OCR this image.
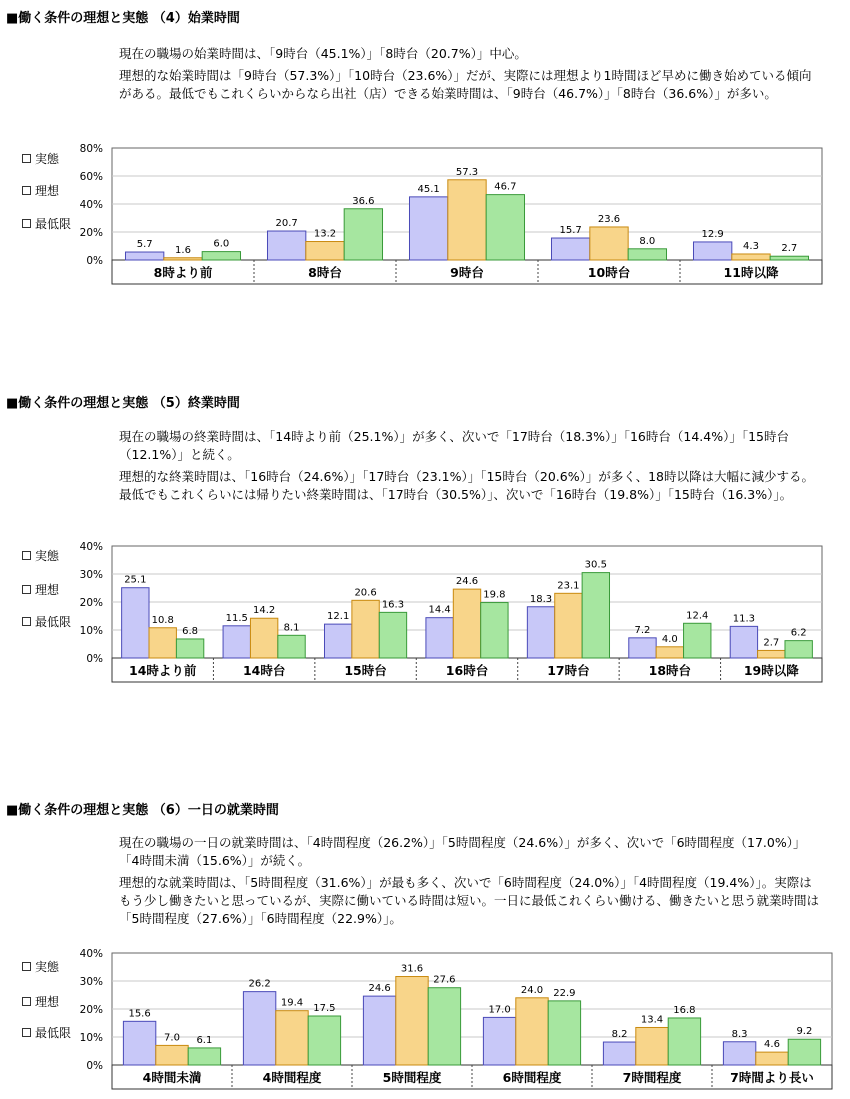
■働く条件の理想と実態 （4）始業時間

現在の職場の始業時間は、「9時台（45.1%）」「8時台（20.7%）」中心。

理想的な始業時間は「9時台（57.3%）」「10時台（23.6%）」だが、実際には理想より1時間ほど早めに働き始めている傾向がある。最低でもこれくらいからなら出社（店）できる始業時間は、「9時台（46.7%）」「8時台（36.6%）」が多い。

実態
理想
最低限
0%
20%
40%
60%
80%
5.7
1.6
6.0
8時より前
20.7
13.2
36.6
8時台
45.1
57.3
46.7
9時台
15.7
23.6
8.0
10時台
12.9
4.3 2.7
11時以降
■働く条件の理想と実態 （5）終業時間

現在の職場の終業時間は、「14時より前（25.1%）」が多く、次いで「17時台（18.3%）」「16時台（14.4%）」「15時台（12.1%）」と続く。

理想的な終業時間は、「16時台（24.6%）」「17時台（23.1%）」「15時台（20.6%）」が多く、18時以降は大幅に減少する。最低でもこれくらいには帰りたい終業時間は、「17時台（30.5%）」、次いで「16時台（19.8%）」「15時台（16.3%）」。

実態
理想
最低限
0%
10%
20%
30%
40%
25.1
10.8
6.8
14時より前
11.5
14.2
8.1
14時台
12.1
20.6
16.3
15時台
14.4
24.6
19.8
16時台
18.3
23.1
30.5
17時台
7.2
4.0
12.4
18時台
11.3
2.7
6.2
19時以降
■働く条件の理想と実態 （6）一日の就業時間

現在の職場の一日の就業時間は、「4時間程度（26.2%）」「5時間程度（24.6%）」が多く、次いで「6時間程度（17.0%）」「4時間未満（15.6%）」が続く。

理想的な就業時間は、「5時間程度（31.6%）」が最も多く、次いで「6時間程度（24.0%）」「4時間程度（19.4%）」。実際はもう少し働きたいと思っているが、実際に働いている時間は短い。一日に最低これくらい働ける、働きたいと思う就業時間は「5時間程度（27.6%）」「6時間程度（22.9%）」。

実態
理想
最低限
0%
10%
20%
30%
40%
15.6
7.0 6.1
4時間未満
26.2
19.4 17.5
4時間程度
24.6
31.6
27.6
5時間程度
17.0
24.0 22.9
6時間程度
8.2
13.4
16.8
7時間程度
8.3
4.6
9.2
7時間より長い
